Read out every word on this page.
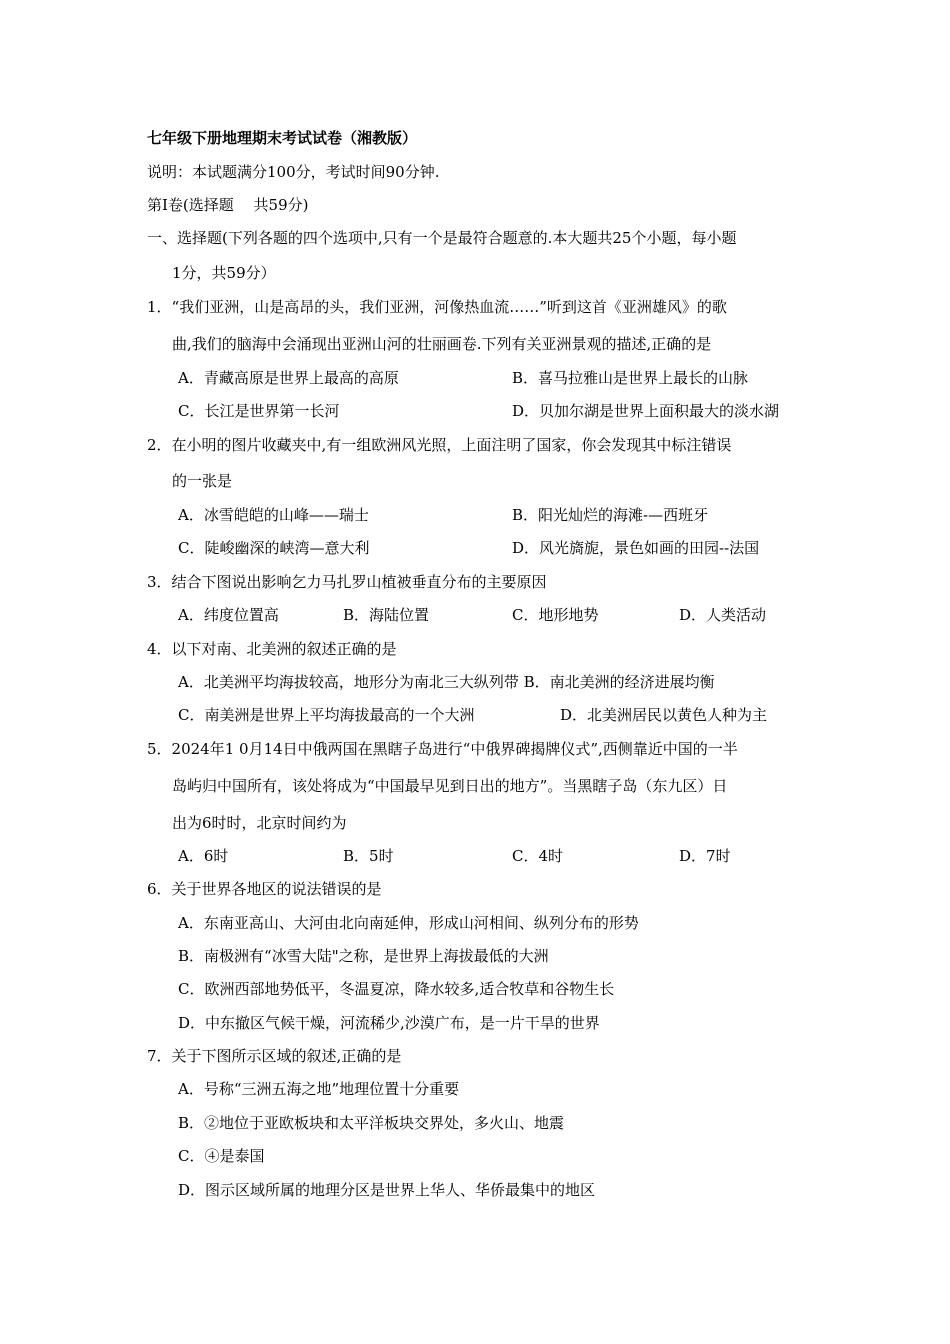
七年级下册地理期末考试试卷（湘教版）
说明：本试题满分100分，考试时间90分钟.
第Ⅰ卷(选择题　 共59分)
一、选择题(下列各题的四个选项中,只有一个是最符合题意的.本大题共25个小题，每小题
1分，共59分）
1．“我们亚洲，山是高昂的头，我们亚洲，河像热血流……”听到这首《亚洲雄风》的歌
曲,我们的脑海中会涌现出亚洲山河的壮丽画卷.下列有关亚洲景观的描述,正确的是
A．青藏高原是世界上最高的高原	B．喜马拉雅山是世界上最长的山脉
C．长江是世界第一长河	D．贝加尔湖是世界上面积最大的淡水湖
2．在小明的图片收藏夹中,有一组欧洲风光照，上面注明了国家，你会发现其中标注错误
的一张是
A．冰雪皑皑的山峰——瑞士	B．阳光灿烂的海滩-—西班牙
C．陡峻幽深的峡湾—意大利	D．风光旖旎，景色如画的田园--法国
3．结合下图说出影响乞力马扎罗山植被垂直分布的主要原因
A．纬度位置高	B．海陆位置	C．地形地势	D．人类活动
4．以下对南、北美洲的叙述正确的是
A．北美洲平均海拔较高，地形分为南北三大纵列带 B．南北美洲的经济进展均衡
C．南美洲是世界上平均海拔最高的一个大洲	D．北美洲居民以黄色人种为主
5．2024年1 0月14日中俄两国在黑瞎子岛进行“中俄界碑揭牌仪式”,西侧靠近中国的一半
岛屿归中国所有，该处将成为“中国最早见到日出的地方”。当黑瞎子岛（东九区）日
出为6时时，北京时间约为
A．6时	B．5时	C．4时	D．7时
6．关于世界各地区的说法错误的是
A．东南亚高山、大河由北向南延伸，形成山河相间、纵列分布的形势
B．南极洲有“冰雪大陆"之称，是世界上海拔最低的大洲
C．欧洲西部地势低平，冬温夏凉，降水较多,适合牧草和谷物生长
D．中东撤区气候干燥，河流稀少,沙漠广布，是一片干旱的世界
7．关于下图所示区域的叙述,正确的是
A．号称“三洲五海之地”地理位置十分重要
B．②地位于亚欧板块和太平洋板块交界处，多火山、地震
C．④是泰国
D．图示区域所属的地理分区是世界上华人、华侨最集中的地区
